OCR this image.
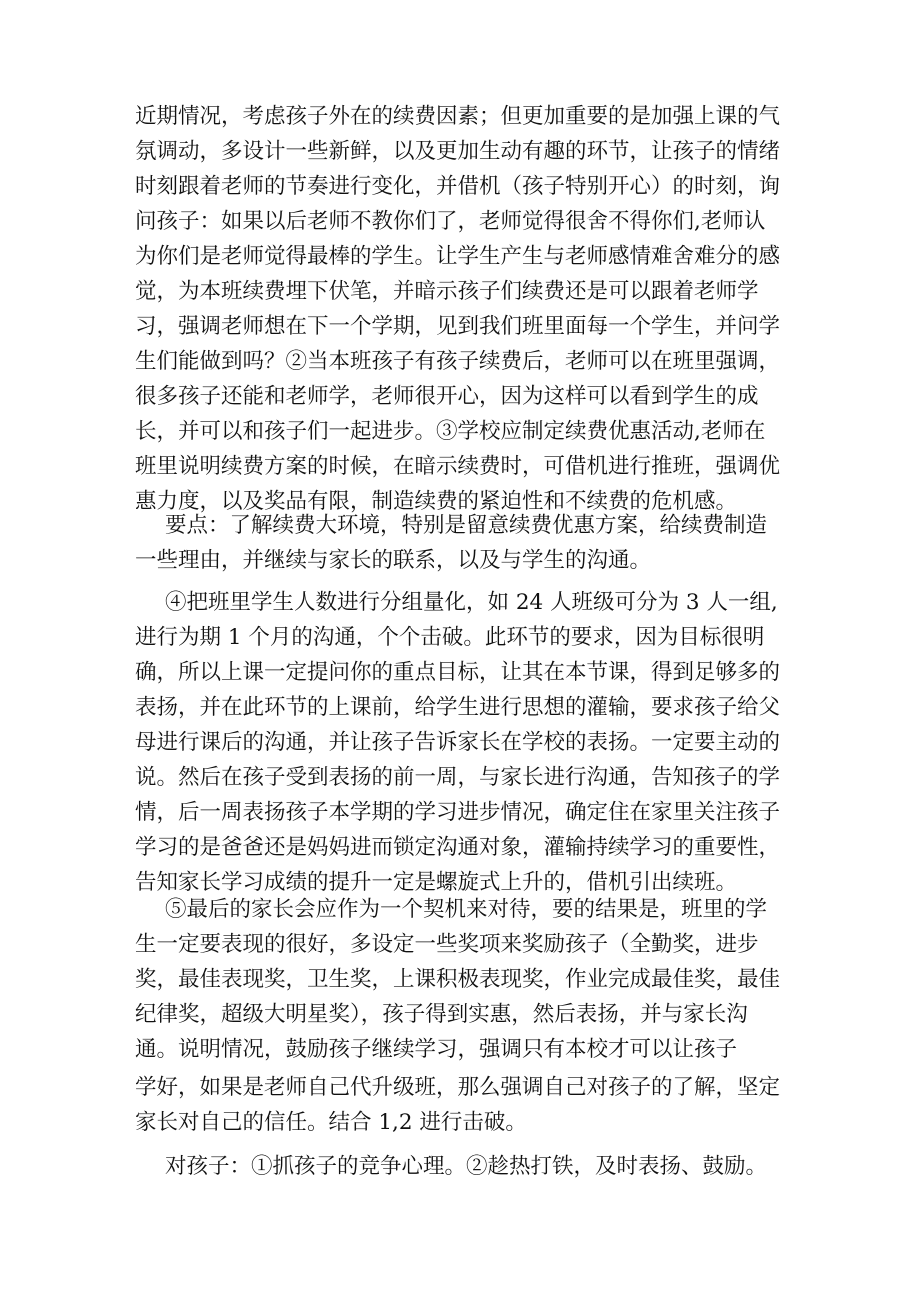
近期情况，考虑孩子外在的续费因素；但更加重要的是加强上课的气
氛调动，多设计一些新鲜，以及更加生动有趣的环节，让孩子的情绪
时刻跟着老师的节奏进行变化，并借机（孩子特别开心）的时刻，询
问孩子：如果以后老师不教你们了，老师觉得很舍不得你们,老师认
为你们是老师觉得最棒的学生。让学生产生与老师感情难舍难分的感
觉，为本班续费埋下伏笔，并暗示孩子们续费还是可以跟着老师学
习，强调老师想在下一个学期，见到我们班里面每一个学生，并问学
生们能做到吗？②当本班孩子有孩子续费后，老师可以在班里强调，
很多孩子还能和老师学，老师很开心，因为这样可以看到学生的成
长，并可以和孩子们一起进步。③学校应制定续费优惠活动,老师在
班里说明续费方案的时候，在暗示续费时，可借机进行推班，强调优
惠力度，以及奖品有限，制造续费的紧迫性和不续费的危机感。
要点：了解续费大环境，特别是留意续费优惠方案，给续费制造
一些理由，并继续与家长的联系，以及与学生的沟通。
④把班里学生人数进行分组量化，如 24 人班级可分为 3 人一组,
进行为期 1 个月的沟通，个个击破。此环节的要求，因为目标很明
确，所以上课一定提问你的重点目标，让其在本节课，得到足够多的
表扬，并在此环节的上课前，给学生进行思想的灌输，要求孩子给父
母进行课后的沟通，并让孩子告诉家长在学校的表扬。一定要主动的
说。然后在孩子受到表扬的前一周，与家长进行沟通，告知孩子的学
情，后一周表扬孩子本学期的学习进步情况，确定住在家里关注孩子
学习的是爸爸还是妈妈进而锁定沟通对象，灌输持续学习的重要性，
告知家长学习成绩的提升一定是螺旋式上升的，借机引出续班。
⑤最后的家长会应作为一个契机来对待，要的结果是，班里的学
生一定要表现的很好，多设定一些奖项来奖励孩子（全勤奖，进步
奖，最佳表现奖，卫生奖，上课积极表现奖，作业完成最佳奖，最佳
纪律奖，超级大明星奖），孩子得到实惠，然后表扬，并与家长沟
通。说明情况，鼓励孩子继续学习，强调只有本校才可以让孩子
学好，如果是老师自己代升级班，那么强调自己对孩子的了解，坚定
家长对自己的信任。结合 1,2 进行击破。
对孩子：①抓孩子的竞争心理。②趁热打铁，及时表扬、鼓励。
